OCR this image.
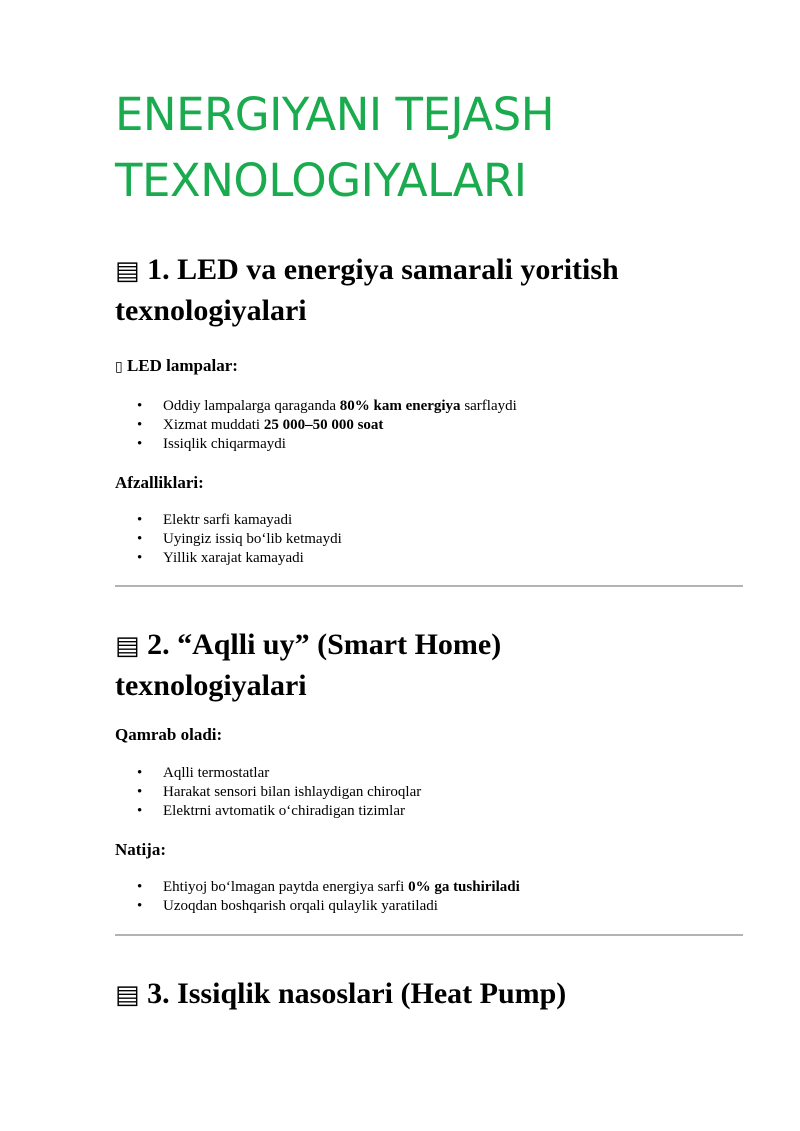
ENERGIYANI TEJASH
TEXNOLOGIYALARI
▤ 1. LED va energiya samarali yoritish
texnologiyalari

▯ LED lampalar:

• Oddiy lampalarga qaraganda 80% kam energiya sarflaydi
• Xizmat muddati 25 000–50 000 soat
• Issiqlik chiqarmaydi

Afzalliklari:

• Elektr sarfi kamayadi
• Uyingiz issiq bo‘lib ketmaydi
• Yillik xarajat kamayadi
▤ 2. “Aqlli uy” (Smart Home)
texnologiyalari

Qamrab oladi:

• Aqlli termostatlar
• Harakat sensori bilan ishlaydigan chiroqlar
• Elektrni avtomatik o‘chiradigan tizimlar

Natija:

• Ehtiyoj bo‘lmagan paytda energiya sarfi 0% ga tushiriladi
• Uzoqdan boshqarish orqali qulaylik yaratiladi
▤ 3. Issiqlik nasoslari (Heat Pump)
